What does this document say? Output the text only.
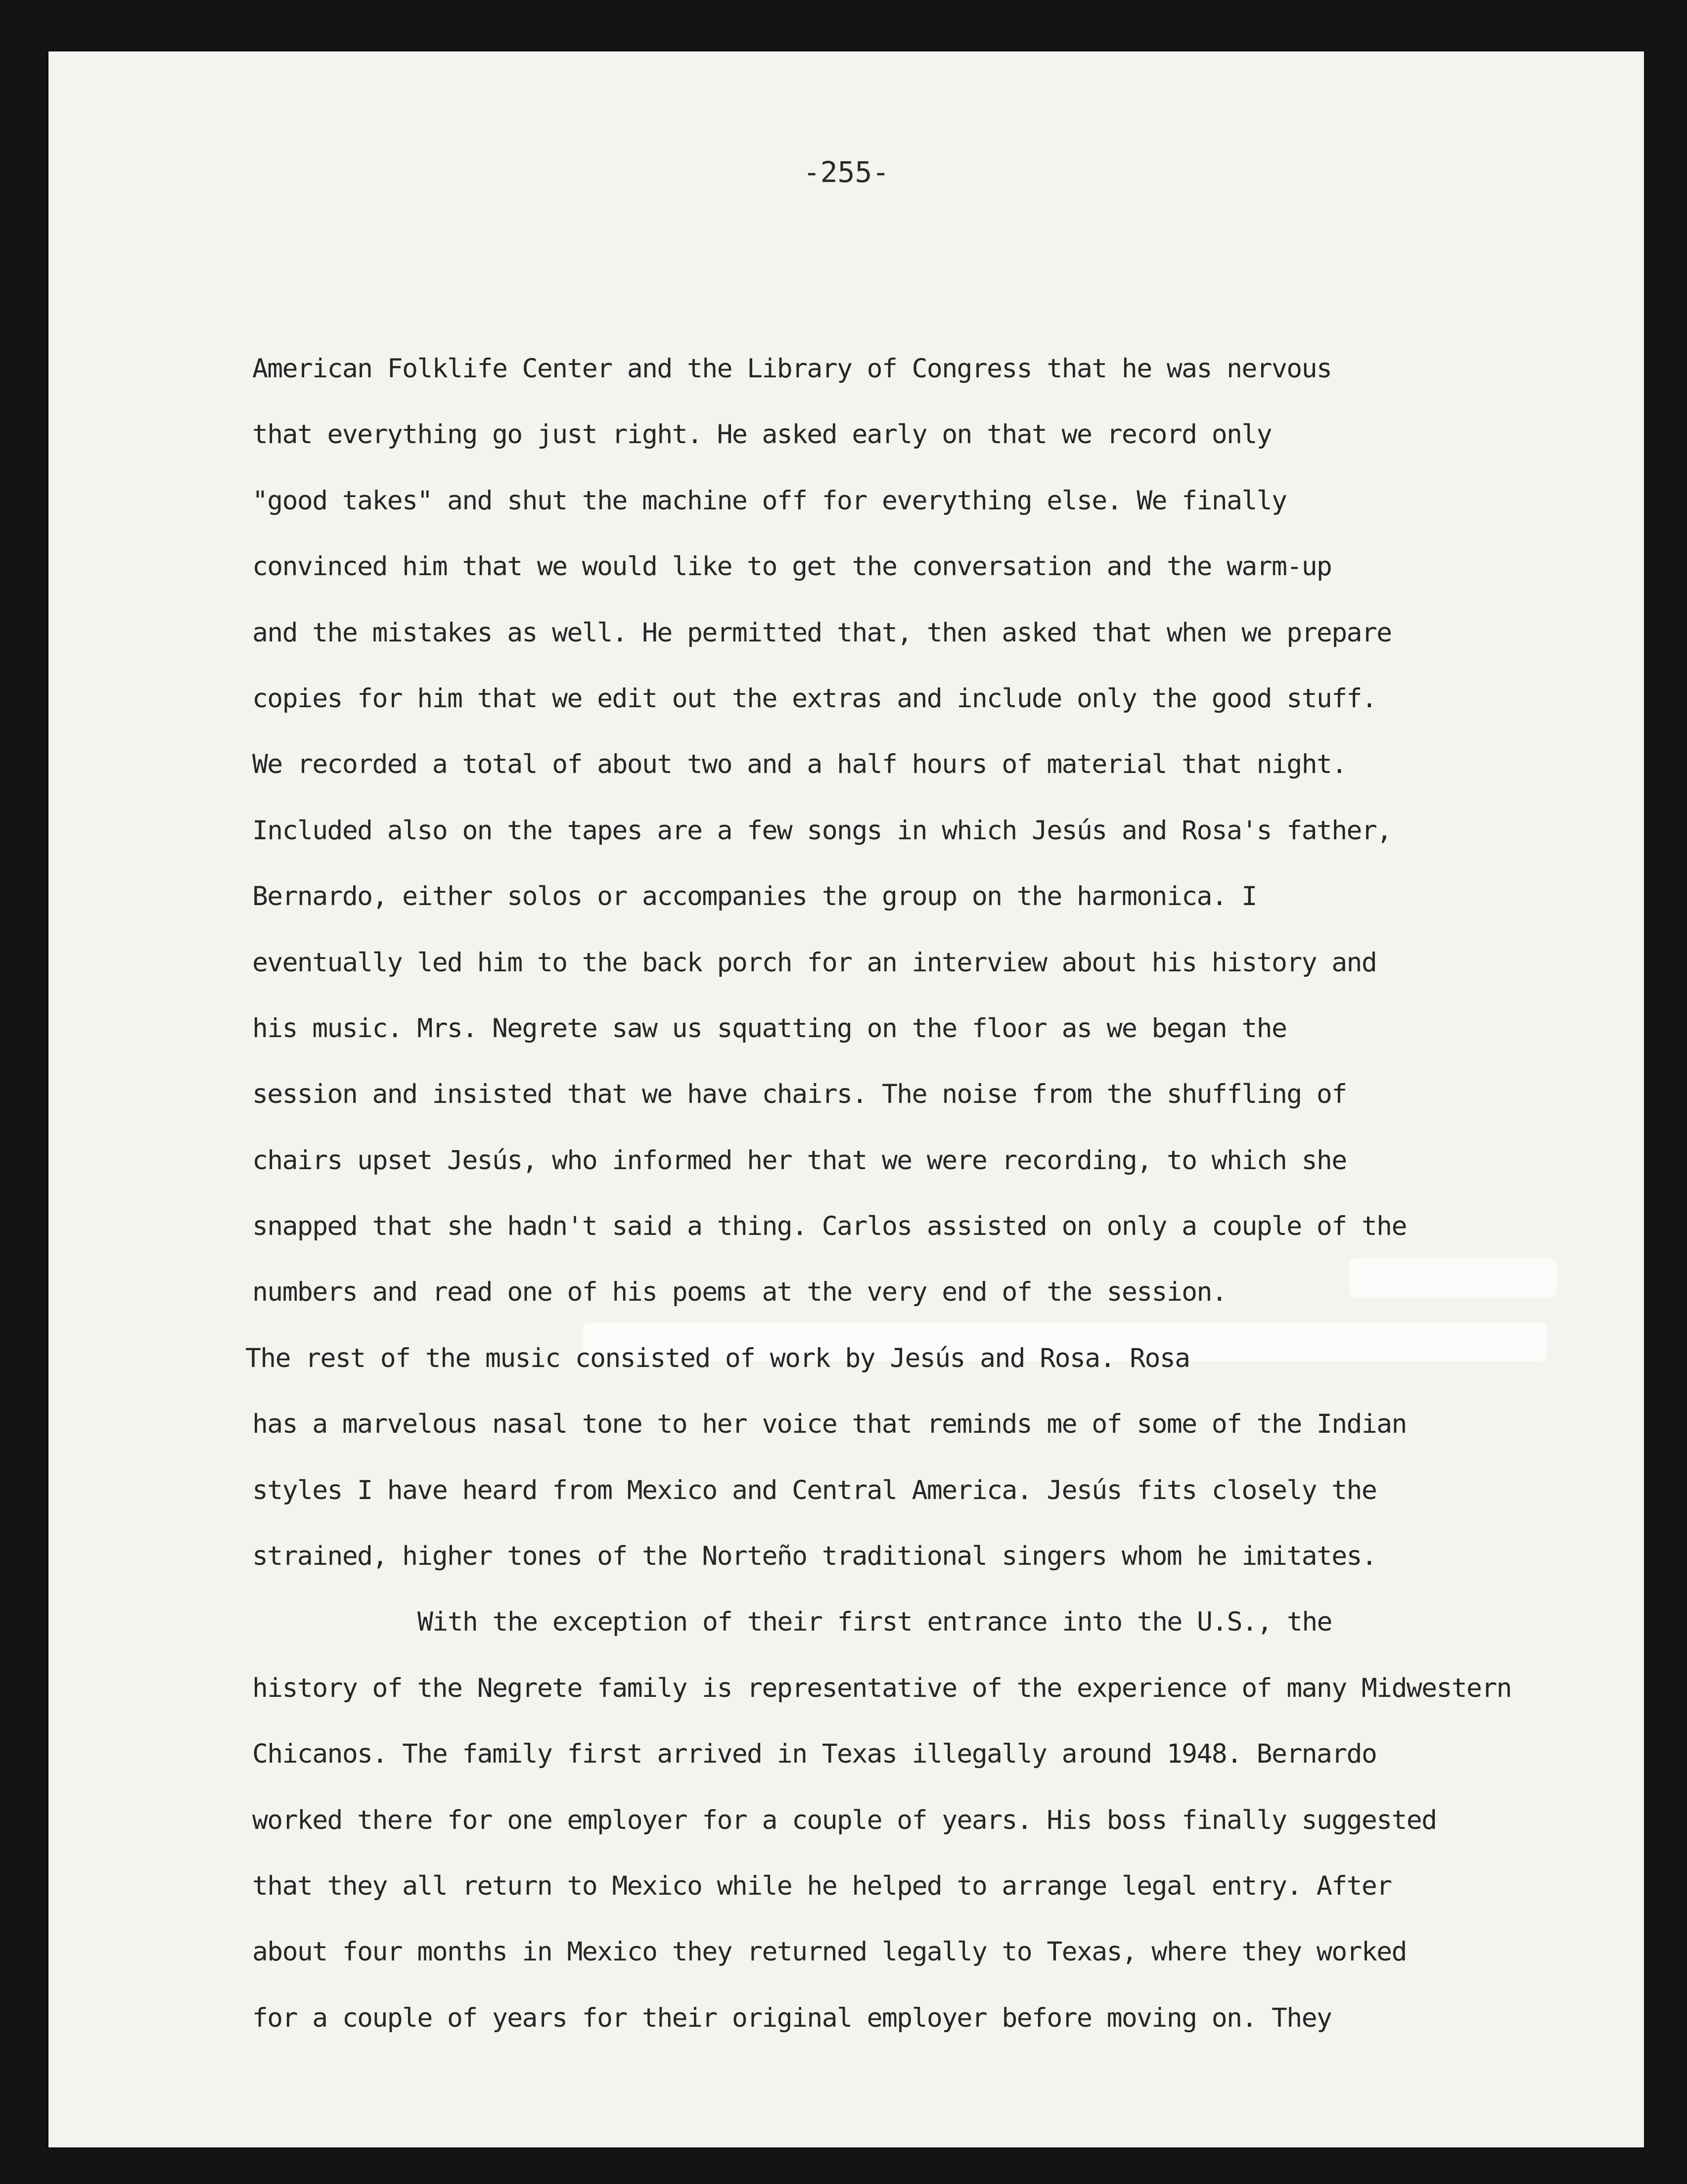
-255-
American Folklife Center and the Library of Congress that he was nervous
that everything go just right. He asked early on that we record only
"good takes" and shut the machine off for everything else. We finally
convinced him that we would like to get the conversation and the warm-up
and the mistakes as well. He permitted that, then asked that when we prepare
copies for him that we edit out the extras and include only the good stuff.
We recorded a total of about two and a half hours of material that night.
Included also on the tapes are a few songs in which Jesús and Rosa's father,
Bernardo, either solos or accompanies the group on the harmonica. I
eventually led him to the back porch for an interview about his history and
his music. Mrs. Negrete saw us squatting on the floor as we began the
session and insisted that we have chairs. The noise from the shuffling of
chairs upset Jesús, who informed her that we were recording, to which she
snapped that she hadn't said a thing. Carlos assisted on only a couple of the
numbers and read one of his poems at the very end of the session.
The rest of the music consisted of work by Jesús and Rosa. Rosa
has a marvelous nasal tone to her voice that reminds me of some of the Indian
styles I have heard from Mexico and Central America. Jesús fits closely the
strained, higher tones of the Norteño traditional singers whom he imitates.
With the exception of their first entrance into the U.S., the
history of the Negrete family is representative of the experience of many Midwestern
Chicanos. The family first arrived in Texas illegally around 1948. Bernardo
worked there for one employer for a couple of years. His boss finally suggested
that they all return to Mexico while he helped to arrange legal entry. After
about four months in Mexico they returned legally to Texas, where they worked
for a couple of years for their original employer before moving on. They
